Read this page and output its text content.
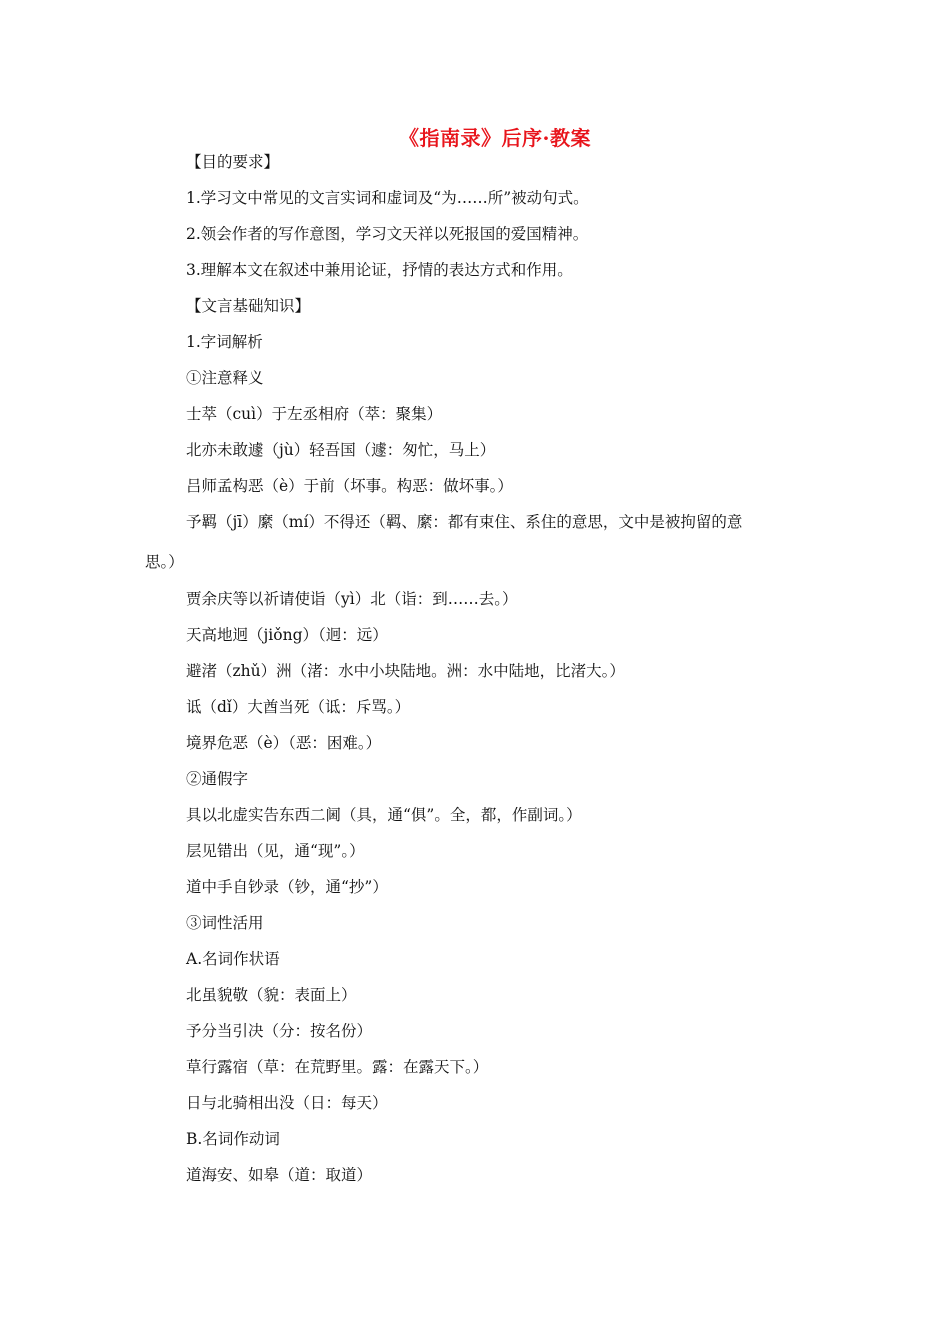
《指南录》后序·教案
【目的要求】
1.学习文中常见的文言实词和虚词及“为……所”被动句式。
2.领会作者的写作意图，学习文天祥以死报国的爱国精神。
3.理解本文在叙述中兼用论证，抒情的表达方式和作用。
【文言基础知识】
1.字词解析
①注意释义
士萃（cuì）于左丞相府（萃：聚集）
北亦未敢遽（jù）轻吾国（遽：匆忙，马上）
吕师孟构恶（è）于前（坏事。构恶：做坏事。）
予羁（jī）縻（mí）不得还（羁、縻：都有束住、系住的意思，文中是被拘留的意
思。）
贾余庆等以祈请使诣（yì）北（诣：到……去。）
天高地迥（jiǒng）（迥：远）
避渚（zhǔ）洲（渚：水中小块陆地。洲：水中陆地，比渚大。）
诋（dǐ）大酋当死（诋：斥骂。）
境界危恶（è）（恶：困难。）
②通假字
具以北虚实告东西二阃（具，通“俱”。全，都，作副词。）
层见错出（见，通“现”。）
道中手自钞录（钞，通“抄”）
③词性活用
A.名词作状语
北虽貌敬（貌：表面上）
予分当引决（分：按名份）
草行露宿（草：在荒野里。露：在露天下。）
日与北骑相出没（日：每天）
B.名词作动词
道海安、如皋（道：取道）
